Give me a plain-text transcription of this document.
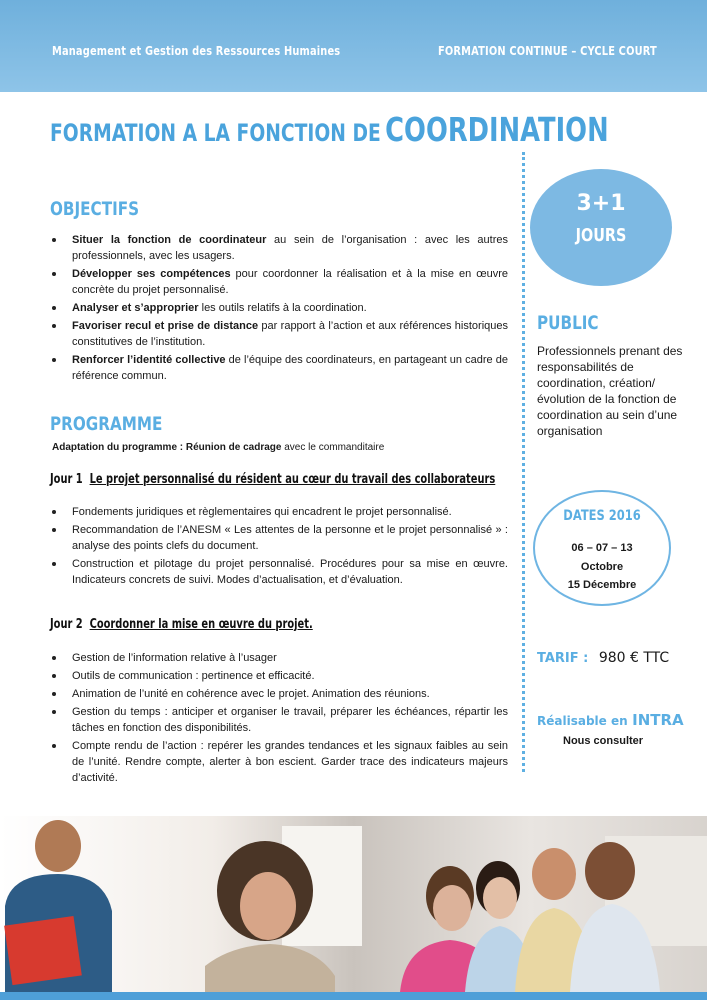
Management et Gestion des Ressources Humaines	FORMATION CONTINUE – CYCLE COURT
FORMATION A LA FONCTION DE COORDINATION
OBJECTIFS
Situer la fonction de coordinateur au sein de l’organisation : avec les autres professionnels, avec les usagers.
Développer ses compétences pour coordonner la réalisation et à la mise en œuvre concrète du projet personnalisé.
Analyser et s’approprier les outils relatifs à la coordination.
Favoriser recul et prise de distance par rapport à l’action et aux références historiques constitutives de l’institution.
Renforcer l’identité collective de l’équipe des coordinateurs, en partageant un cadre de référence commun.
PROGRAMME
Adaptation du programme : Réunion de cadrage avec le commanditaire
Jour 1 Le projet personnalisé du résident au cœur du travail des collaborateurs
Fondements juridiques et règlementaires qui encadrent le projet personnalisé.
Recommandation de l’ANESM « Les attentes de la personne et le projet personnalisé » : analyse des points clefs du document.
Construction et pilotage du projet personnalisé. Procédures pour sa mise en œuvre. Indicateurs concrets de suivi. Modes d’actualisation, et d’évaluation.
Jour 2 Coordonner la mise en œuvre du projet.
Gestion de l’information relative à l’usager
Outils de communication : pertinence et efficacité.
Animation de l’unité en cohérence avec le projet. Animation des réunions.
Gestion du temps : anticiper et organiser le travail, préparer les échéances, répartir les tâches en fonction des disponibilités.
Compte rendu de l’action : repérer les grandes tendances et les signaux faibles au sein de l’unité. Rendre compte, alerter à bon escient. Garder trace des indicateurs majeurs d’activité.
3+1
JOURS
PUBLIC
Professionnels prenant des responsabilités de coordination, création/évolution de la fonction de coordination au sein d’une organisation
DATES 2016
06 – 07 – 13
Octobre
15 Décembre
TARIF : 980 € TTC
Réalisable en INTRA
Nous consulter
